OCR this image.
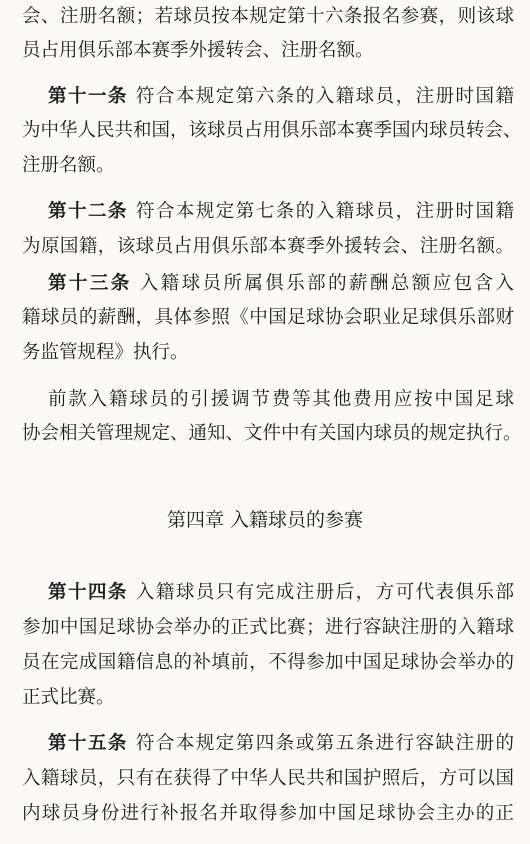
会、注册名额；若球员按本规定第十六条报名参赛，则该球
员占用俱乐部本赛季外援转会、注册名额。
第十一条 符合本规定第六条的入籍球员，注册时国籍
为中华人民共和国，该球员占用俱乐部本赛季国内球员转会、
注册名额。
第十二条 符合本规定第七条的入籍球员，注册时国籍
为原国籍，该球员占用俱乐部本赛季外援转会、注册名额。
第十三条 入籍球员所属俱乐部的薪酬总额应包含入
籍球员的薪酬，具体参照《中国足球协会职业足球俱乐部财
务监管规程》执行。
前款入籍球员的引援调节费等其他费用应按中国足球
协会相关管理规定、通知、文件中有关国内球员的规定执行。
第四章 入籍球员的参赛
第十四条 入籍球员只有完成注册后，方可代表俱乐部
参加中国足球协会举办的正式比赛；进行容缺注册的入籍球
员在完成国籍信息的补填前，不得参加中国足球协会举办的
正式比赛。
第十五条 符合本规定第四条或第五条进行容缺注册的
入籍球员，只有在获得了中华人民共和国护照后，方可以国
内球员身份进行补报名并取得参加中国足球协会主办的正
